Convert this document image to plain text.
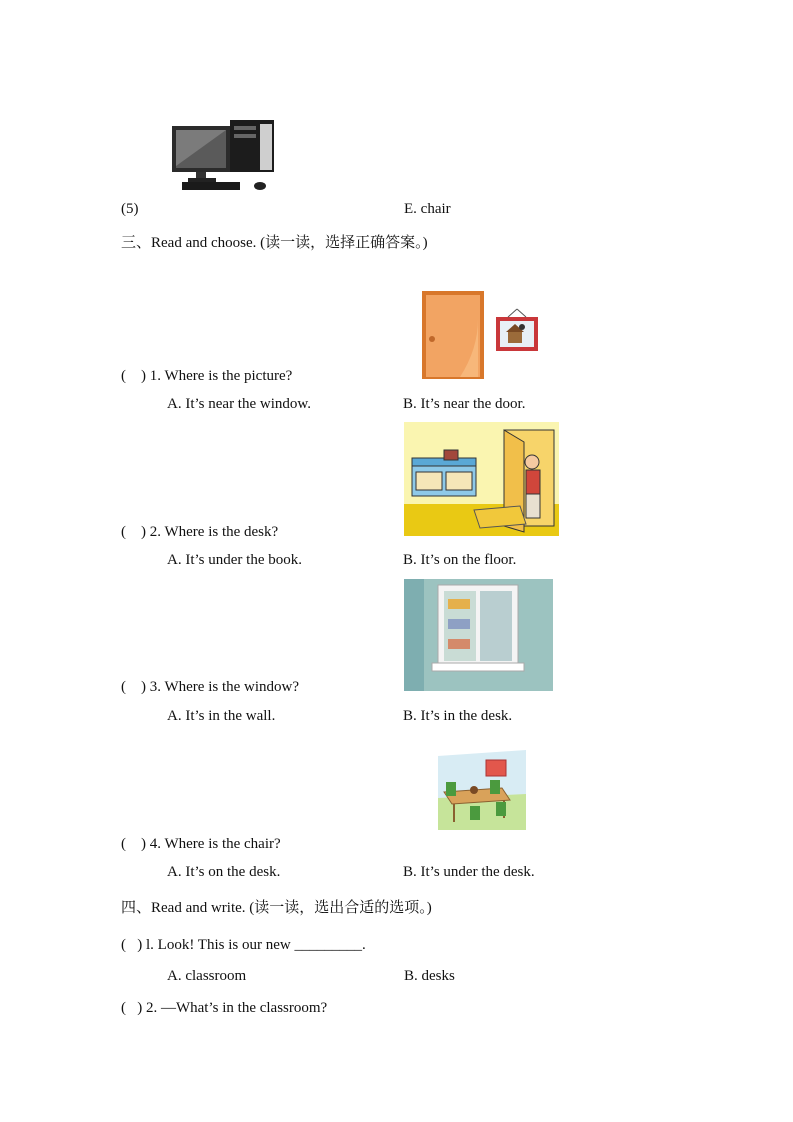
(5)	E. chair
三、Read and choose. (读一读，选择正确答案。)
(    ) 1. Where is the picture?
A. It’s near the window.	B. It’s near the door.
(    ) 2. Where is the desk?
A. It’s under the book.	B. It’s on the floor.
(    ) 3. Where is the window?
A. It’s in the wall.	B. It’s in the desk.
(    ) 4. Where is the chair?
A. It’s on the desk.	B. It’s under the desk.
四、Read and write. (读一读，选出合适的选项。)
(   ) l. Look! This is our new _________.
A. classroom	B. desks
(   ) 2. —What’s in the classroom?
